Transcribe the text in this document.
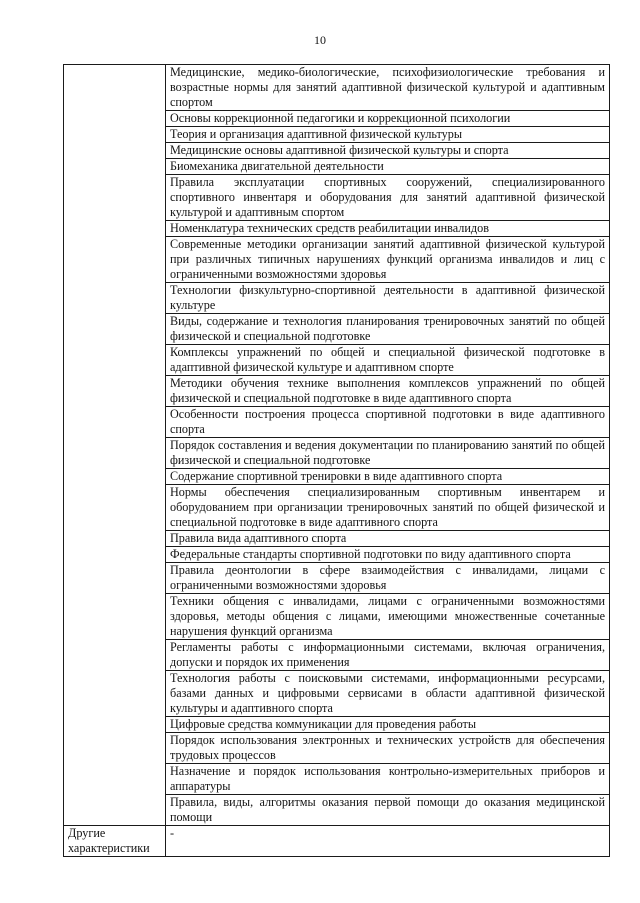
10
	Медицинские, медико-биологические, психофизиологические требования и возрастные нормы для занятий адаптивной физической культурой и адаптивным спортом
	Основы коррекционной педагогики и коррекционной психологии
	Теория и организация адаптивной физической культуры
	Медицинские основы адаптивной физической культуры и спорта
	Биомеханика двигательной деятельности
	Правила эксплуатации спортивных сооружений, специализированного спортивного инвентаря и оборудования для занятий адаптивной физической культурой и адаптивным спортом
	Номенклатура технических средств реабилитации инвалидов
	Современные методики организации занятий адаптивной физической культурой при различных типичных нарушениях функций организма инвалидов и лиц с ограниченными возможностями здоровья
	Технологии физкультурно-спортивной деятельности в адаптивной физической культуре
	Виды, содержание и технология планирования тренировочных занятий по общей физической и специальной подготовке
	Комплексы упражнений по общей и специальной физической подготовке в адаптивной физической культуре и адаптивном спорте
	Методики обучения технике выполнения комплексов упражнений по общей физической и специальной подготовке в виде адаптивного спорта
	Особенности построения процесса спортивной подготовки в виде адаптивного спорта
	Порядок составления и ведения документации по планированию занятий по общей физической и специальной подготовке
	Содержание спортивной тренировки в виде адаптивного спорта
	Нормы обеспечения специализированным спортивным инвентарем и оборудованием при организации тренировочных занятий по общей физической и специальной подготовке в виде адаптивного спорта
	Правила вида адаптивного спорта
	Федеральные стандарты спортивной подготовки по виду адаптивного спорта
	Правила деонтологии в сфере взаимодействия с инвалидами, лицами с ограниченными возможностями здоровья
	Техники общения с инвалидами, лицами с ограниченными возможностями здоровья, методы общения с лицами, имеющими множественные сочетанные нарушения функций организма
	Регламенты работы с информационными системами, включая ограничения, допуски и порядок их применения
	Технология работы с поисковыми системами, информационными ресурсами, базами данных и цифровыми сервисами в области адаптивной физической культуры и адаптивного спорта
	Цифровые средства коммуникации для проведения работы
	Порядок использования электронных и технических устройств для обеспечения трудовых процессов
	Назначение и порядок использования контрольно-измерительных приборов и аппаратуры
	Правила, виды, алгоритмы оказания первой помощи до оказания медицинской помощи
Другие характеристики	-
